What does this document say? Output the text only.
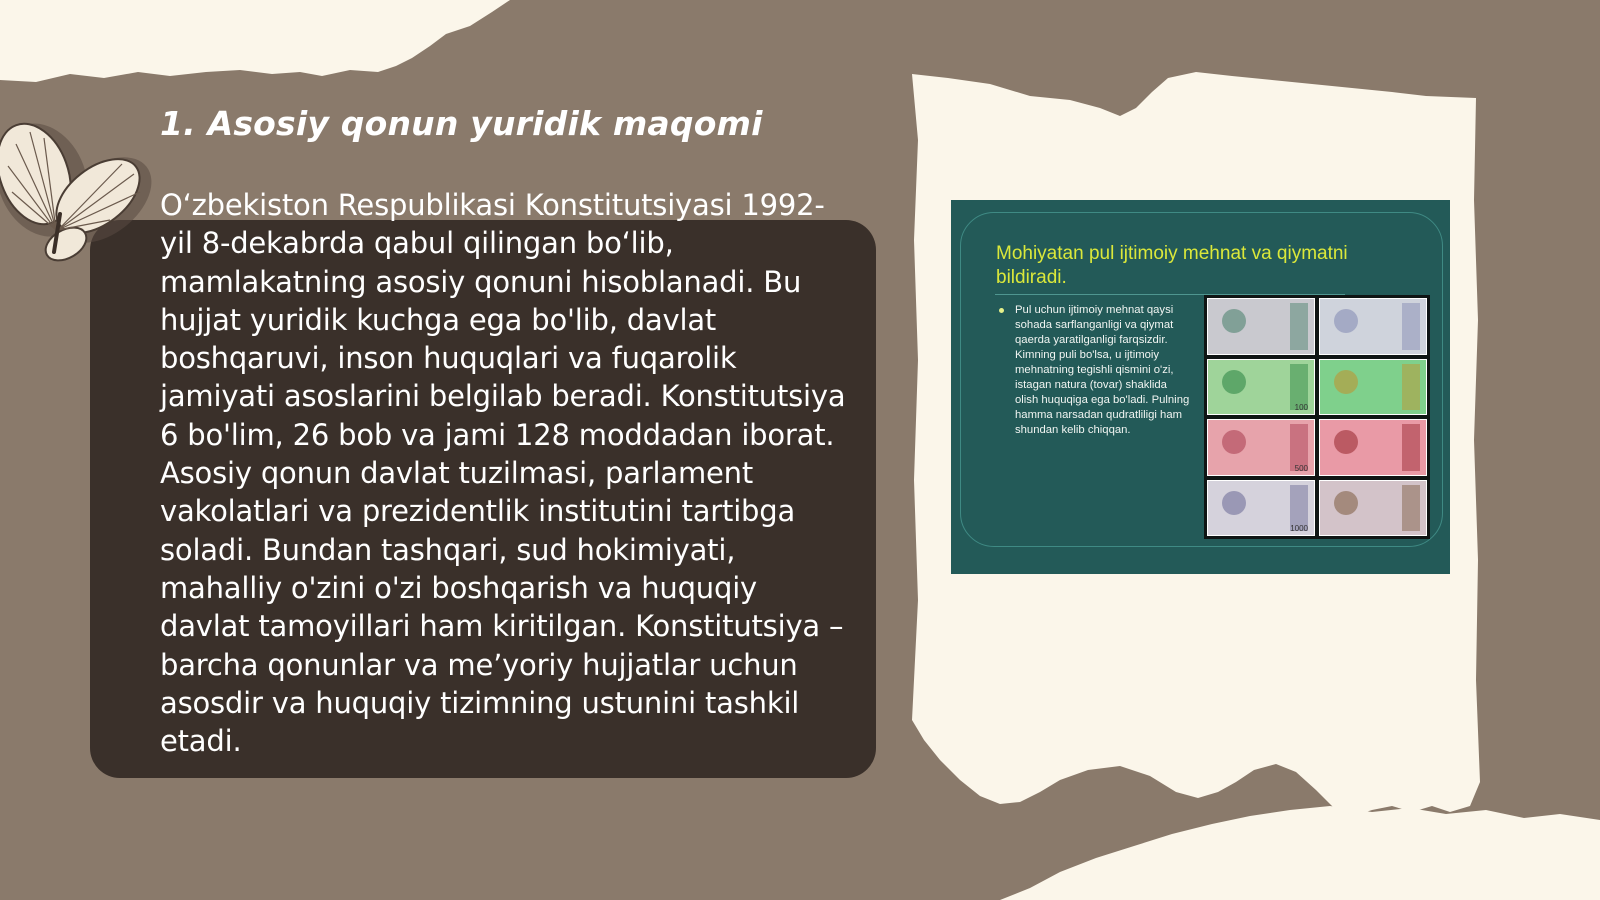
1. Asosiy qonun yuridik maqomi

O‘zbekiston Respublikasi Konstitutsiyasi 1992-yil 8-dekabrda qabul qilingan bo‘lib, mamlakatning asosiy qonuni hisoblanadi. Bu hujjat yuridik kuchga ega bo'lib, davlat boshqaruvi, inson huquqlari va fuqarolik jamiyati asoslarini belgilab beradi. Konstitutsiya 6 bo'lim, 26 bob va jami 128 moddadan iborat. Asosiy qonun davlat tuzilmasi, parlament vakolatlari va prezidentlik institutini tartibga soladi. Bundan tashqari, sud hokimiyati, mahalliy o'zini o'zi boshqarish va huquqiy davlat tamoyillari ham kiritilgan. Konstitutsiya – barcha qonunlar va me’yoriy hujjatlar uchun asosdir va huquqiy tizimning ustunini tashkil etadi.

Mohiyatan pul ijtimoiy mehnat va qiymatni bildiradi.

Pul uchun ijtimoiy mehnat qaysi sohada sarflanganligi va qiymat qaerda yaratilganligi farqsizdir. Kimning puli bo'lsa, u ijtimoiy mehnatning tegishli qismini o'zi, istagan natura (tovar) shaklida olish huquqiga ega bo'ladi. Pulning hamma narsadan qudratliligi ham shundan kelib chiqqan.

100
500
1000
